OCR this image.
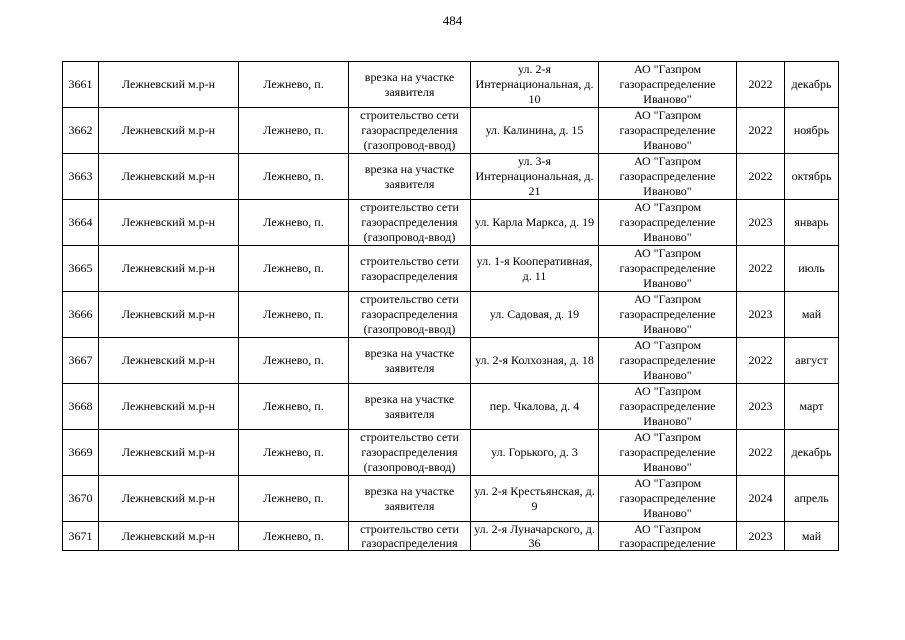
484
3661	Лежневский м.р-н	Лежнево, п.	врезка на участке заявителя	ул. 2-я Интернациональная, д. 10	АО "Газпром газораспределение Иваново"	2022	декабрь
3662	Лежневский м.р-н	Лежнево, п.	строительство сети газораспределения (газопровод-ввод)	ул. Калинина, д. 15	АО "Газпром газораспределение Иваново"	2022	ноябрь
3663	Лежневский м.р-н	Лежнево, п.	врезка на участке заявителя	ул. 3-я Интернациональная, д. 21	АО "Газпром газораспределение Иваново"	2022	октябрь
3664	Лежневский м.р-н	Лежнево, п.	строительство сети газораспределения (газопровод-ввод)	ул. Карла Маркса, д. 19	АО "Газпром газораспределение Иваново"	2023	январь
3665	Лежневский м.р-н	Лежнево, п.	строительство сети газораспределения	ул. 1-я Кооперативная, д. 11	АО "Газпром газораспределение Иваново"	2022	июль
3666	Лежневский м.р-н	Лежнево, п.	строительство сети газораспределения (газопровод-ввод)	ул. Садовая, д. 19	АО "Газпром газораспределение Иваново"	2023	май
3667	Лежневский м.р-н	Лежнево, п.	врезка на участке заявителя	ул. 2-я Колхозная, д. 18	АО "Газпром газораспределение Иваново"	2022	август
3668	Лежневский м.р-н	Лежнево, п.	врезка на участке заявителя	пер. Чкалова, д. 4	АО "Газпром газораспределение Иваново"	2023	март
3669	Лежневский м.р-н	Лежнево, п.	строительство сети газораспределения (газопровод-ввод)	ул. Горького, д. 3	АО "Газпром газораспределение Иваново"	2022	декабрь
3670	Лежневский м.р-н	Лежнево, п.	врезка на участке заявителя	ул. 2-я Крестьянская, д. 9	АО "Газпром газораспределение Иваново"	2024	апрель

3671	Лежневский м.р-н	Лежнево, п.	строительство сети газораспределения	ул. 2-я Луначарского, д. 36	АО "Газпром газораспределение	2023	май
